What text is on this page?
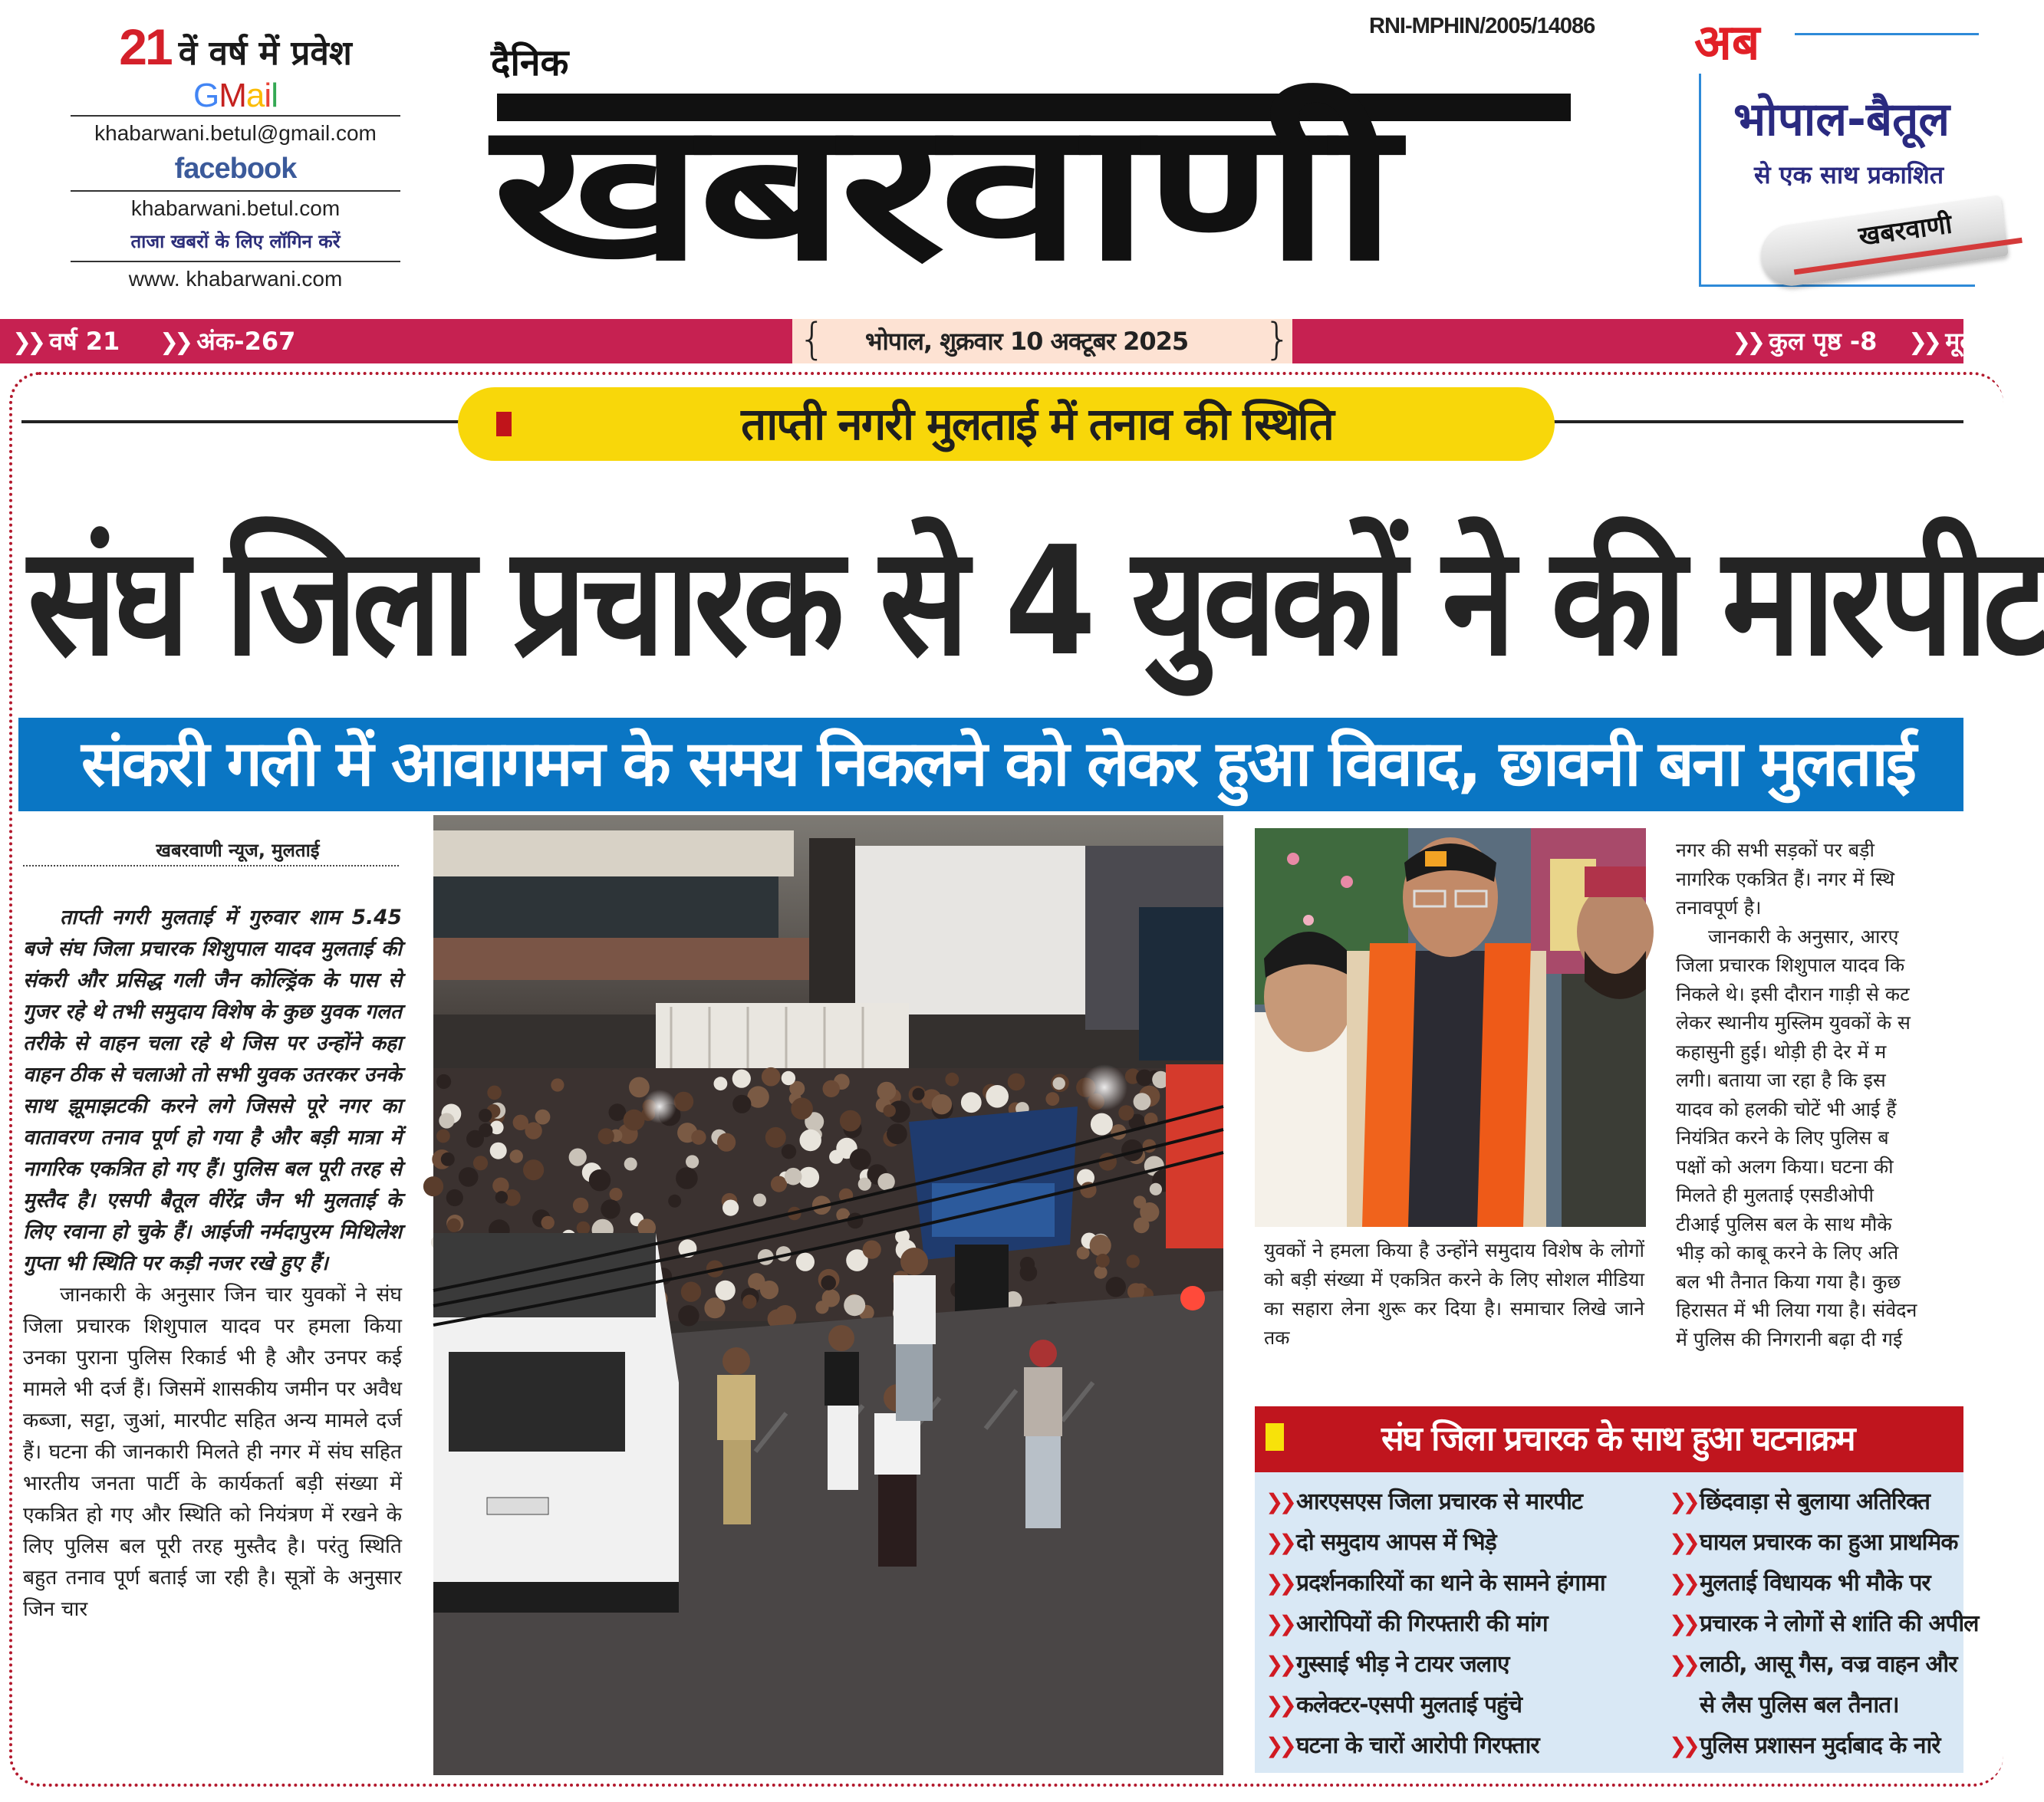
21 वें वर्ष में प्रवेश
GMail
khabarwani.betul@gmail.com
facebook
khabarwani.betul.com
ताजा खबरों के लिए लॉगिन करें
www. khabarwani.com
दैनिक
खबरवाणी
RNI-MPHIN/2005/14086 अब
भोपाल-बैतूल
से एक साथ प्रकाशित
खबरवाणी
❯❯ वर्ष 21 ❯❯ अंक-267	❯❯ कुल पृष्ठ -8 ❯❯ मूल्य
{ भोपाल, शुक्रवार 10 अक्टूबर 2025 }
ताप्ती नगरी मुलताई में तनाव की स्थिति
संघ जिला प्रचारक से 4 युवकों ने की मारपीट
संकरी गली में आवागमन के समय निकलने को लेकर हुआ विवाद, छावनी बना मुलताई
खबरवाणी न्यूज, मुलताई

ताप्ती नगरी मुलताई में गुरुवार शाम 5.45 बजे संघ जिला प्रचारक शिशुपाल यादव मुलताई की संकरी और प्रसिद्ध गली जैन कोल्ड्रिंक के पास से गुजर रहे थे तभी समुदाय विशेष के कुछ युवक गलत तरीके से वाहन चला रहे थे जिस पर उन्होंने कहा वाहन ठीक से चलाओ तो सभी युवक उतरकर उनके साथ झूमाझटकी करने लगे जिससे पूरे नगर का वातावरण तनाव पूर्ण हो गया है और बड़ी मात्रा में नागरिक एकत्रित हो गए हैं। पुलिस बल पूरी तरह से मुस्तैद है। एसपी बैतूल वीरेंद्र जैन भी मुलताई के लिए रवाना हो चुके हैं। आईजी नर्मदापुरम मिथिलेश गुप्ता भी स्थिति पर कड़ी नजर रखे हुए हैं।

जानकारी के अनुसार जिन चार युवकों ने संघ जिला प्रचारक शिशुपाल यादव पर हमला किया उनका पुराना पुलिस रिकार्ड भी है और उनपर कई मामले भी दर्ज हैं। जिसमें शासकीय जमीन पर अवैध कब्जा, सट्टा, जुआं, मारपीट सहित अन्य मामले दर्ज हैं। घटना की जानकारी मिलते ही नगर में संघ सहित भारतीय जनता पार्टी के कार्यकर्ता बड़ी संख्या में एकत्रित हो गए और स्थिति को नियंत्रण में रखने के लिए पुलिस बल पूरी तरह मुस्तैद है। परंतु स्थिति बहुत तनाव पूर्ण बताई जा रही है। सूत्रों के अनुसार जिन चार

युवकों ने हमला किया है उन्होंने समुदाय विशेष के लोगों को बड़ी संख्या में एकत्रित करने के लिए सोशल मीडिया का सहारा लेना शुरू कर दिया है। समाचार लिखे जाने तक
नगर की सभी सड़कों पर बड़ी
नागरिक एकत्रित हैं। नगर में स्थि
तनावपूर्ण है।
जानकारी के अनुसार, आरए
जिला प्रचारक शिशुपाल यादव कि
निकले थे। इसी दौरान गाड़ी से कट
लेकर स्थानीय मुस्लिम युवकों के स
कहासुनी हुई। थोड़ी ही देर में म
लगी। बताया जा रहा है कि इस
यादव को हलकी चोटें भी आई हैं
नियंत्रित करने के लिए पुलिस ब
पक्षों को अलग किया। घटना की
मिलते ही मुलताई एसडीओपी
टीआई पुलिस बल के साथ मौके
भीड़ को काबू करने के लिए अति
बल भी तैनात किया गया है। कुछ
हिरासत में भी लिया गया है। संवेदन
में पुलिस की निगरानी बढ़ा दी गई
संघ जिला प्रचारक के साथ हुआ घटनाक्रम
❯❯ आरएसएस जिला प्रचारक से मारपीट
❯❯ दो समुदाय आपस में भिड़े
❯❯ प्रदर्शनकारियों का थाने के सामने हंगामा
❯❯ आरोपियों की गिरफ्तारी की मांग
❯❯ गुस्साई भीड़ ने टायर जलाए
❯❯ कलेक्टर-एसपी मुलताई पहुंचे
❯❯ घटना के चारों आरोपी गिरफ्तार
❯❯ छिंदवाड़ा से बुलाया अतिरिक्त
❯❯ घायल प्रचारक का हुआ प्राथमिक
❯❯ मुलताई विधायक भी मौके पर
❯❯ प्रचारक ने लोगों से शांति की अपील
❯❯ लाठी, आसू गैस, वज्र वाहन और
से लैस पुलिस बल तैनात।
❯❯ पुलिस प्रशासन मुर्दाबाद के नारे
